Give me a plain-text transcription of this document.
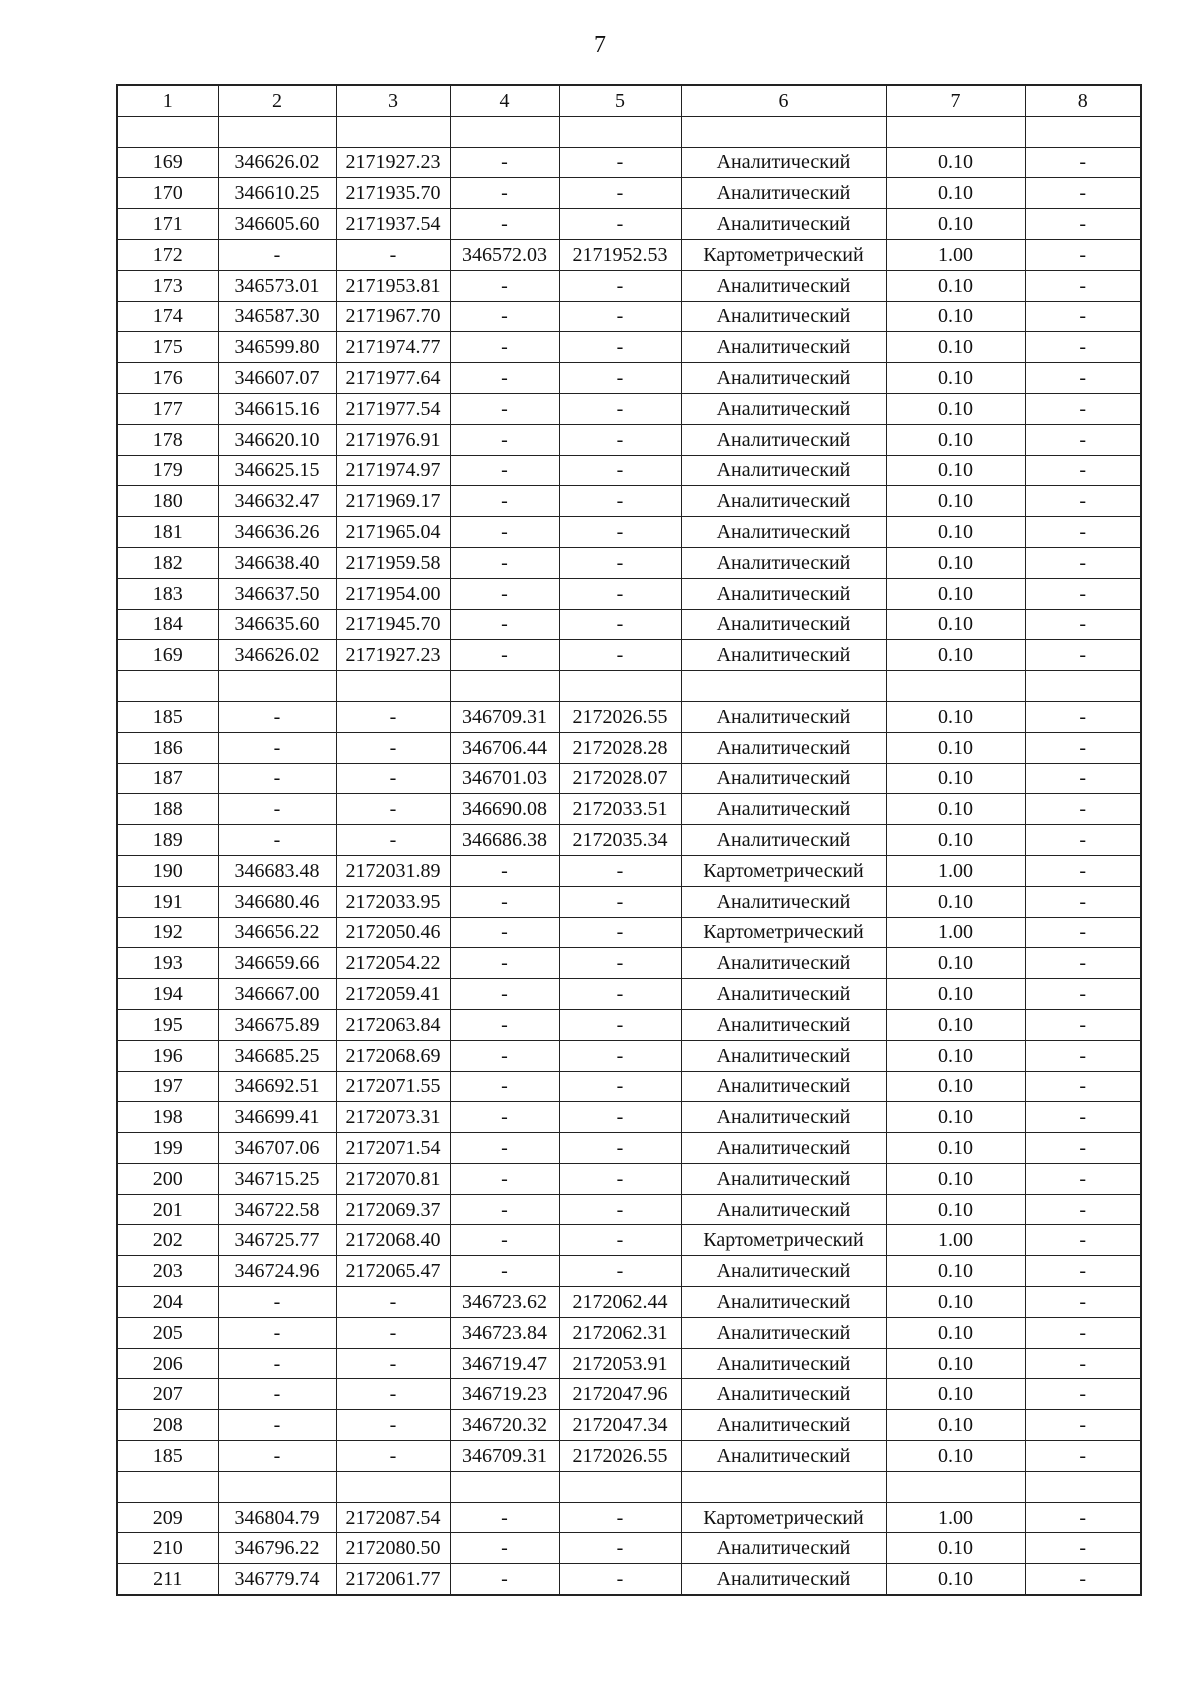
7
1	2	3	4	5	6	7	8

169	346626.02	2171927.23	-	-	Аналитический	0.10	-
170	346610.25	2171935.70	-	-	Аналитический	0.10	-
171	346605.60	2171937.54	-	-	Аналитический	0.10	-
172	-	-	346572.03	2171952.53	Картометрический	1.00	-
173	346573.01	2171953.81	-	-	Аналитический	0.10	-
174	346587.30	2171967.70	-	-	Аналитический	0.10	-
175	346599.80	2171974.77	-	-	Аналитический	0.10	-
176	346607.07	2171977.64	-	-	Аналитический	0.10	-
177	346615.16	2171977.54	-	-	Аналитический	0.10	-
178	346620.10	2171976.91	-	-	Аналитический	0.10	-
179	346625.15	2171974.97	-	-	Аналитический	0.10	-
180	346632.47	2171969.17	-	-	Аналитический	0.10	-
181	346636.26	2171965.04	-	-	Аналитический	0.10	-
182	346638.40	2171959.58	-	-	Аналитический	0.10	-
183	346637.50	2171954.00	-	-	Аналитический	0.10	-
184	346635.60	2171945.70	-	-	Аналитический	0.10	-
169	346626.02	2171927.23	-	-	Аналитический	0.10	-

185	-	-	346709.31	2172026.55	Аналитический	0.10	-
186	-	-	346706.44	2172028.28	Аналитический	0.10	-
187	-	-	346701.03	2172028.07	Аналитический	0.10	-
188	-	-	346690.08	2172033.51	Аналитический	0.10	-
189	-	-	346686.38	2172035.34	Аналитический	0.10	-
190	346683.48	2172031.89	-	-	Картометрический	1.00	-
191	346680.46	2172033.95	-	-	Аналитический	0.10	-
192	346656.22	2172050.46	-	-	Картометрический	1.00	-
193	346659.66	2172054.22	-	-	Аналитический	0.10	-
194	346667.00	2172059.41	-	-	Аналитический	0.10	-
195	346675.89	2172063.84	-	-	Аналитический	0.10	-
196	346685.25	2172068.69	-	-	Аналитический	0.10	-
197	346692.51	2172071.55	-	-	Аналитический	0.10	-
198	346699.41	2172073.31	-	-	Аналитический	0.10	-
199	346707.06	2172071.54	-	-	Аналитический	0.10	-
200	346715.25	2172070.81	-	-	Аналитический	0.10	-
201	346722.58	2172069.37	-	-	Аналитический	0.10	-
202	346725.77	2172068.40	-	-	Картометрический	1.00	-
203	346724.96	2172065.47	-	-	Аналитический	0.10	-
204	-	-	346723.62	2172062.44	Аналитический	0.10	-
205	-	-	346723.84	2172062.31	Аналитический	0.10	-
206	-	-	346719.47	2172053.91	Аналитический	0.10	-
207	-	-	346719.23	2172047.96	Аналитический	0.10	-
208	-	-	346720.32	2172047.34	Аналитический	0.10	-
185	-	-	346709.31	2172026.55	Аналитический	0.10	-

209	346804.79	2172087.54	-	-	Картометрический	1.00	-
210	346796.22	2172080.50	-	-	Аналитический	0.10	-
211	346779.74	2172061.77	-	-	Аналитический	0.10	-
